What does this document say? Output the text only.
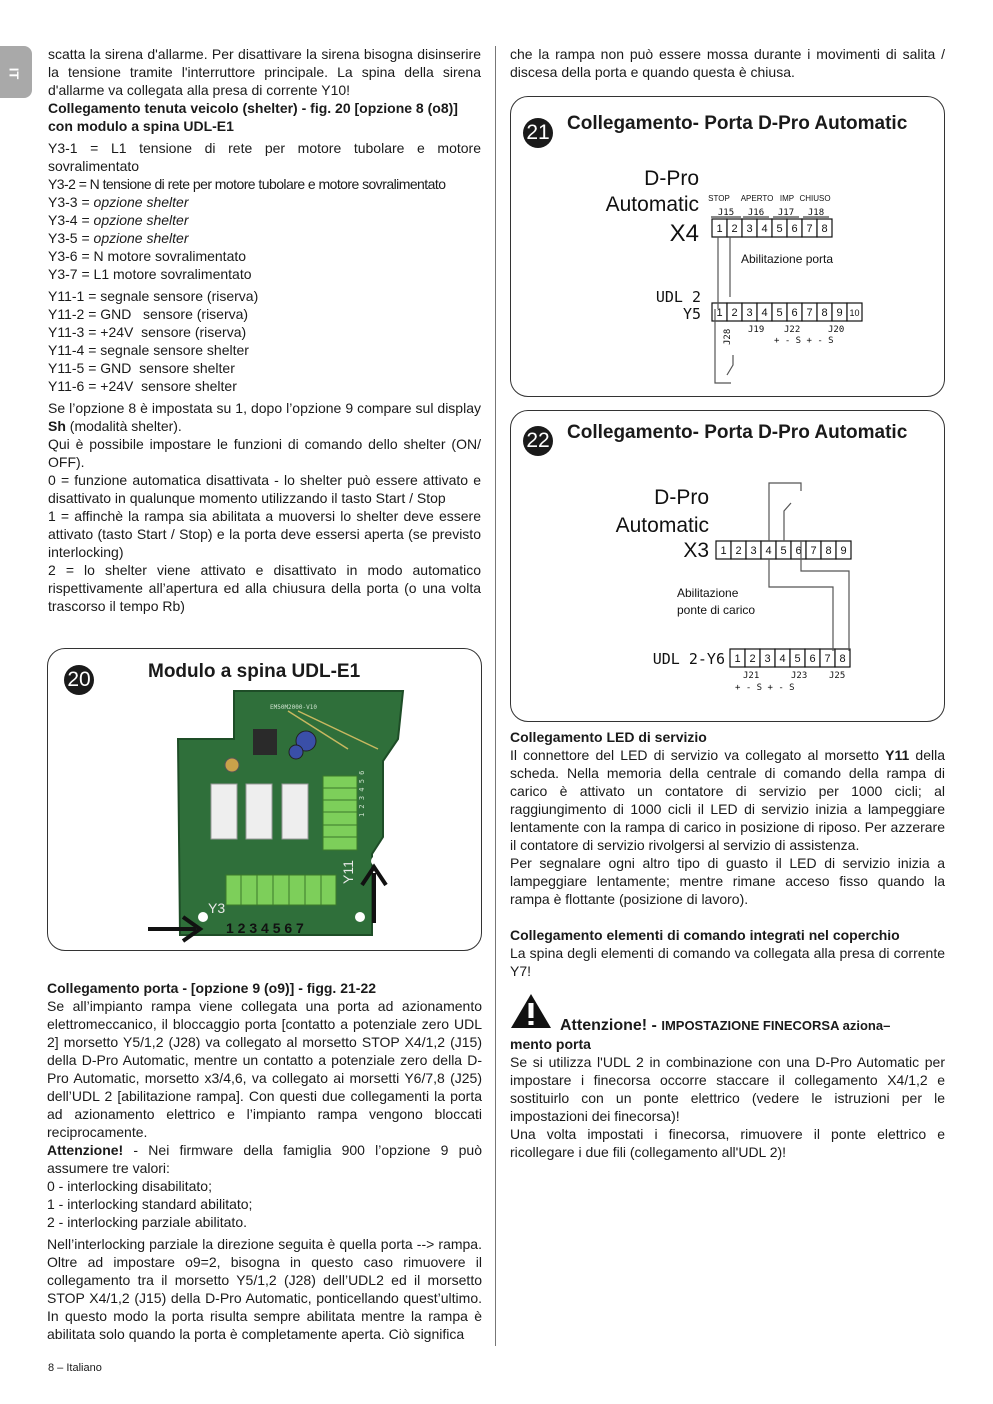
IT

scatta la sirena d'allarme. Per disattivare la sirena bisogna disinserire la tensione tramite l'interruttore principale. La spina della sirena d'allarme va collegata alla presa di corrente Y10!

Collegamento tenuta veicolo (shelter) - fig. 20 [opzione 8 (o8)] con modulo a spina UDL-E1

Y3-1 = L1 tensione di rete per motore tubolare e motore sovralimentato

Y3-2 = N tensione di rete per motore tubolare e motore sovralimentato

Y3-3 = opzione shelter

Y3-4 = opzione shelter

Y3-5 = opzione shelter

Y3-6 = N motore sovralimentato

Y3-7 = L1 motore sovralimentato

Y11-1 = segnale sensore (riserva)

Y11-2 = GND   sensore (riserva)

Y11-3 = +24V  sensore (riserva)

Y11-4 = segnale sensore shelter

Y11-5 = GND  sensore shelter

Y11-6 = +24V  sensore shelter

Se l’opzione 8 è impostata su 1, dopo l’opzione 9 compare sul display Sh (modalità shelter).

Qui è possibile impostare le funzioni di comando dello shelter (ON/ OFF).

0 = funzione automatica disattivata - lo shelter può essere attivato e disattivato in qualunque momento utilizzando il tasto Start / Stop

1 = affinchè la rampa sia abilitata a muoversi lo shelter deve essere attivato (tasto Start / Stop) e la porta deve essersi aperta (se previsto interlocking)

2 = lo shelter viene attivato e disattivato in modo automatico rispettivamente all’apertura ed alla chiusura della porta (o una volta trascorso il tempo Rb)

20	Modulo a spina UDL-E1
EM50M2000-V10
1 2 3 4 5 6
Y11
Y3
1 2 3 4 5 6 7

Collegamento porta - [opzione 9 (o9)] - figg. 21-22

Se all’impianto rampa viene collegata una porta ad azionamento elettromeccanico, il bloccaggio porta [contatto a potenziale zero UDL 2] morsetto Y5/1,2 (J28) va collegato al morsetto STOP X4/1,2 (J15) della D-Pro Automatic, mentre un contatto a potenziale zero della D-Pro Automatic, morsetto x3/4,6, va collegato ai morsetti Y6/7,8 (J25) dell’UDL 2 [abilitazione rampa]. Con questi due collegamenti la porta ad azionamento elettrico e l’impianto rampa vengono bloccati reciprocamente.

Attenzione! - Nei firmware della famiglia 900 l’opzione 9 può assumere tre valori:

0 - interlocking disabilitato;

1 - interlocking standard abilitato;

2 - interlocking parziale abilitato.

Nell’interlocking parziale la direzione seguita è quella porta --> rampa. Oltre ad impostare o9=2, bisogna in questo caso rimuovere il collegamento tra il morsetto Y5/1,2 (J28) dell’UDL2 ed il morsetto STOP X4/1,2 (J15) della D-Pro Automatic, ponticellando quest’ultimo. In questo modo la porta risulta sempre abilitata mentre la rampa è abilitata solo quando la porta è completamente aperta. Ciò significa

che la rampa non può essere mossa durante i movimenti di salita / discesa della porta e quando questa è chiusa.

21 Collegamento- Porta D-Pro Automatic
D-Pro
Automatic
X4
STOP APERTO IMP CHIUSO
J15 J16 J17 J18
1 2 3 4 5 6 7 8
Abilitazione porta
UDL 2
Y5 1 2 3 4 5 6 7 8 9 10
J28 J19 J22	J20
+ - S + - S
22 Collegamento- Porta D-Pro Automatic
D-Pro
Automatic
X3 1 2 3 4 5 6 7 8 9
Abilitazione
ponte di carico
UDL 2-Y6 1 2 3 4 5 6 7 8
J21	J23 J25
+ - S + - S

Collegamento LED di servizio

Il connettore del LED di servizio va collegato al morsetto Y11 della scheda. Nella memoria della centrale di comando della rampa di carico è attivato un contatore di servizio per 1000 cicli; al raggiungimento di 1000 cicli il LED di servizio inizia a lampeggiare lentamente con la rampa di carico in posizione di riposo. Per azzerare il contatore di servizio rivolgersi al servizio di assistenza.

Per segnalare ogni altro tipo di guasto il LED di servizio inizia a lampeggiare lentamente; mentre rimane acceso fisso quando la rampa è flottante (posizione di lavoro).

Collegamento elementi di comando integrati nel coperchio

La spina degli elementi di comando va collegata alla presa di corrente Y7!

Attenzione! - IMPOSTAZIONE FINECORSA aziona–

mento porta

Se si utilizza l'UDL 2 in combinazione con una D-Pro Automatic per impostare i finecorsa occorre staccare il collegamento X4/1,2 e sostituirlo con un ponte elettrico (vedere le istruzioni per le impostazioni dei finecorsa)!

Una volta impostati i finecorsa, rimuovere il ponte elettrico e ricollegare i due fili (collegamento all'UDL 2)!

8 – Italiano
